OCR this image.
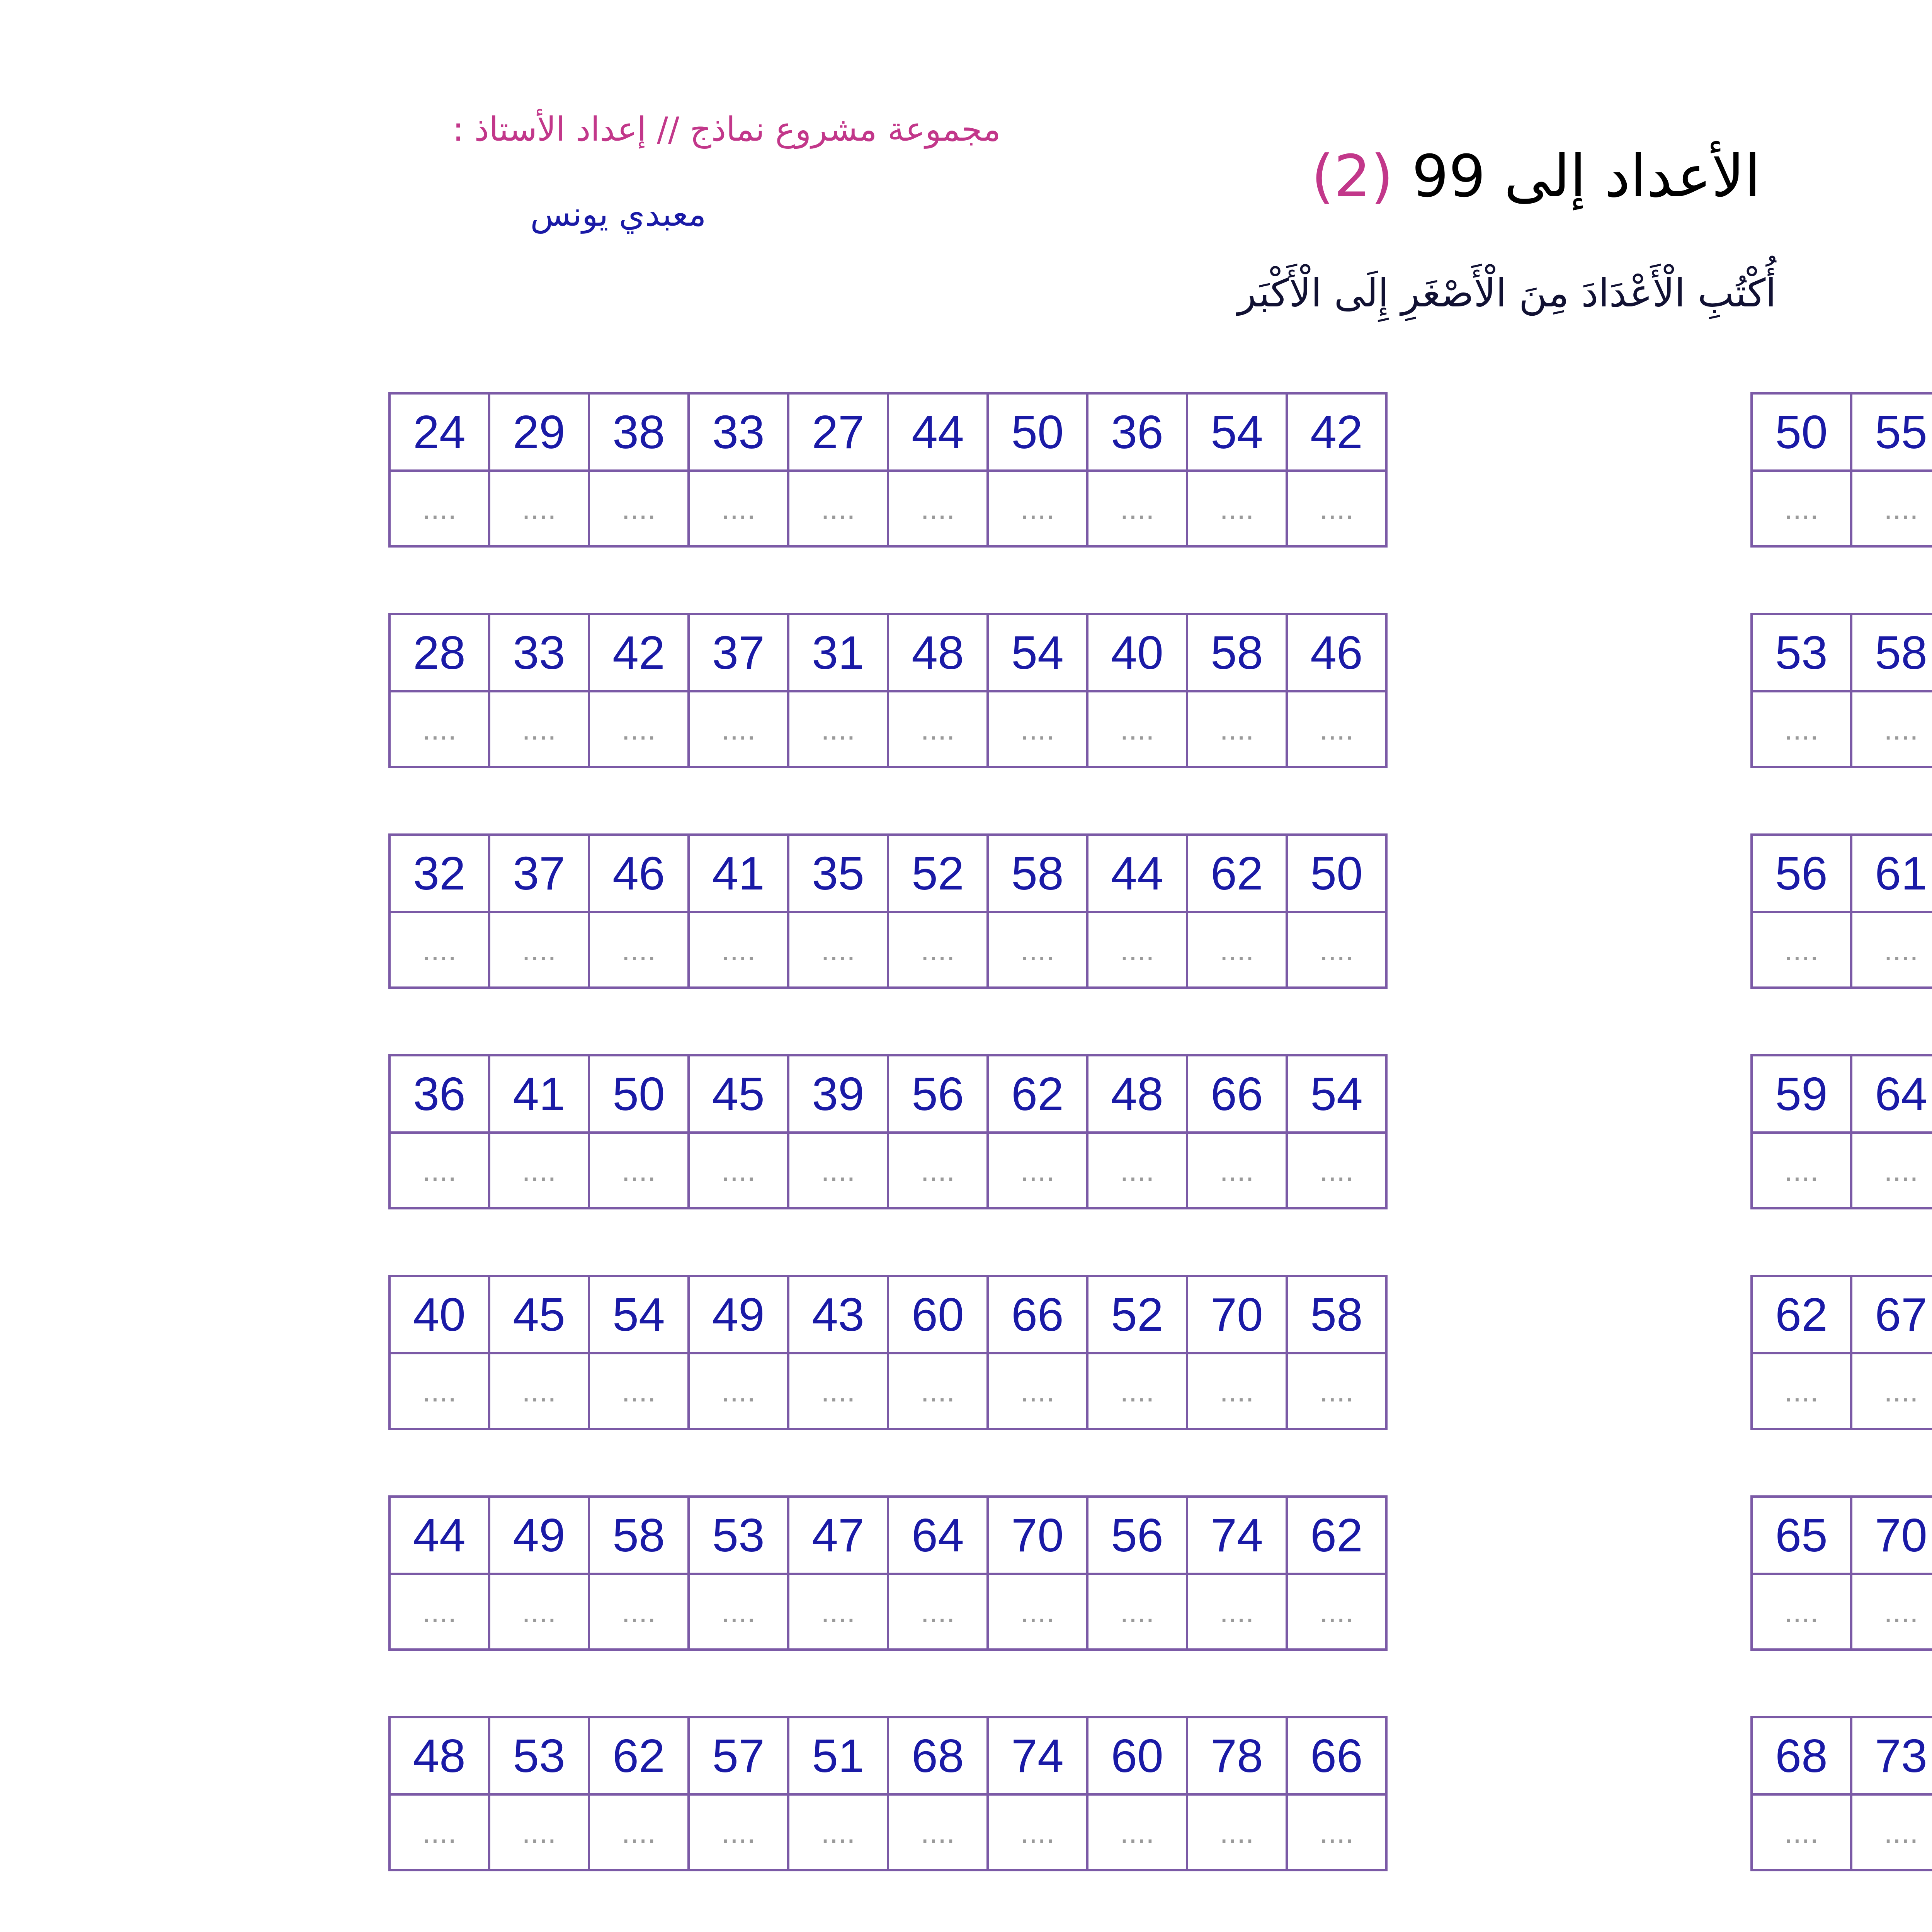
مجموعة مشروع نماذج // إعداد الأستاذ :
معبدي يونس
الأعداد إلى 99 (2)
أُكْتُبِ الْأَعْدَادَ مِنَ الْأَصْغَرِ إِلَى الْأَكْبَر
24	29	38	33	27	44	50	36	54	42
....	....	....	....	....	....	....	....	....	....
28	33	42	37	31	48	54	40	58	46
....	....	....	....	....	....	....	....	....	....
32	37	46	41	35	52	58	44	62	50
....	....	....	....	....	....	....	....	....	....
36	41	50	45	39	56	62	48	66	54
....	....	....	....	....	....	....	....	....	....
40	45	54	49	43	60	66	52	70	58
....	....	....	....	....	....	....	....	....	....
44	49	58	53	47	64	70	56	74	62
....	....	....	....	....	....	....	....	....	....
48	53	62	57	51	68	74	60	78	66
....	....	....	....	....	....	....	....	....	....
50	55								
....	....								
53	58								
....	....								
56	61								
....	....								
59	64								
....	....								
62	67								
....	....								
65	70								
....	....								
68	73								
....	....								
